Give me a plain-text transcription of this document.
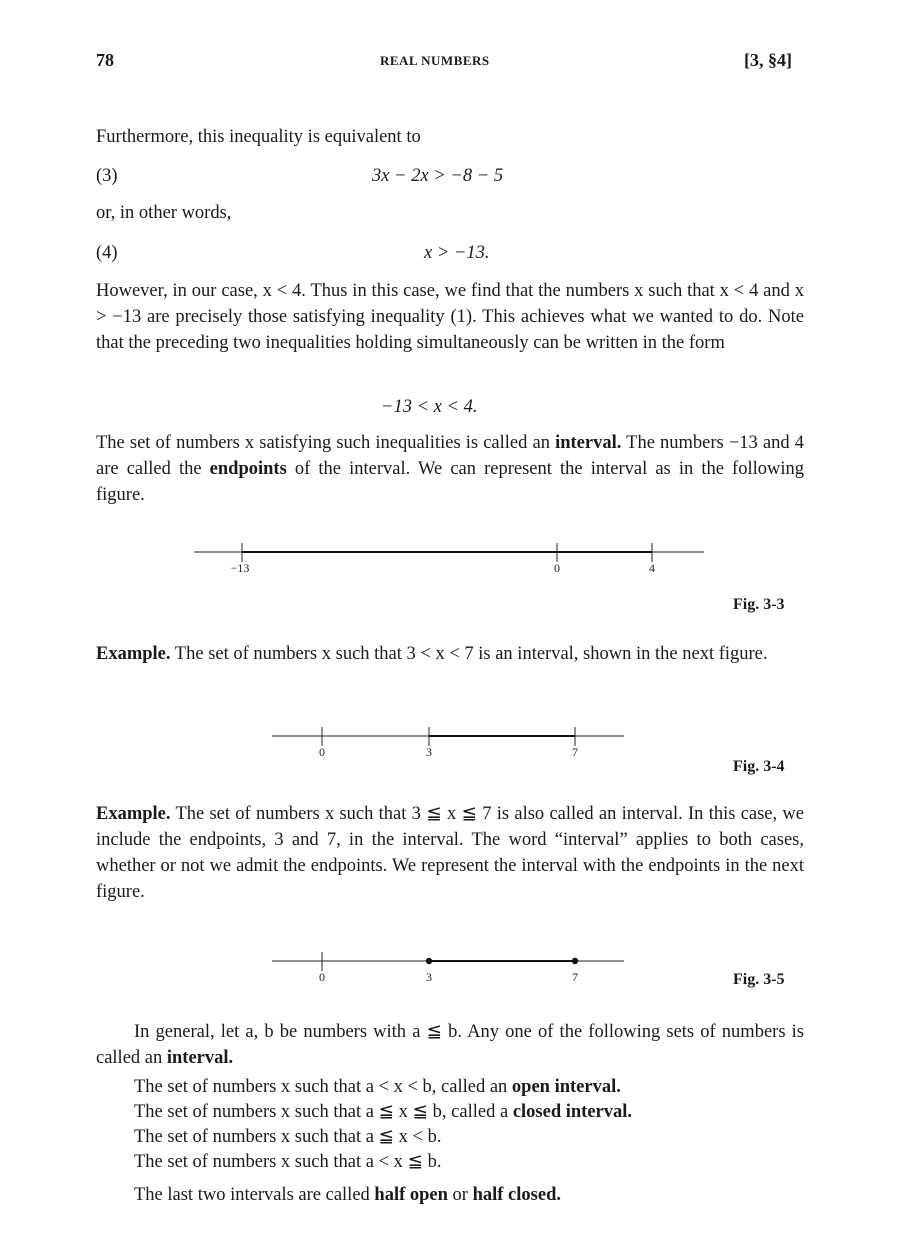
78	REAL NUMBERS	[3, §4]
Furthermore, this inequality is equivalent to
(3)	3x − 2x > −8 − 5
or, in other words,
(4)	x > −13.
However, in our case, x < 4. Thus in this case, we find that the numbers x such that x < 4 and x > −13 are precisely those satisfying inequality (1). This achieves what we wanted to do. Note that the preceding two inequalities holding simultaneously can be written in the form
−13 < x < 4.
The set of numbers x satisfying such inequalities is called an interval. The numbers −13 and 4 are called the endpoints of the interval. We can represent the interval as in the following figure.
−13	0	4
Fig. 3-3
Example. The set of numbers x such that 3 < x < 7 is an interval, shown in the next figure.
0	3	7
Fig. 3-4
Example. The set of numbers x such that 3 ≦ x ≦ 7 is also called an interval. In this case, we include the endpoints, 3 and 7, in the interval. The word “interval” applies to both cases, whether or not we admit the endpoints. We represent the interval with the endpoints in the next figure.
0	3	7	Fig. 3-5
In general, let a, b be numbers with a ≦ b. Any one of the following sets of numbers is called an interval.
The set of numbers x such that a < x < b, called an open interval.
The set of numbers x such that a ≦ x ≦ b, called a closed interval.
The set of numbers x such that a ≦ x < b.
The set of numbers x such that a < x ≦ b.
The last two intervals are called half open or half closed.
